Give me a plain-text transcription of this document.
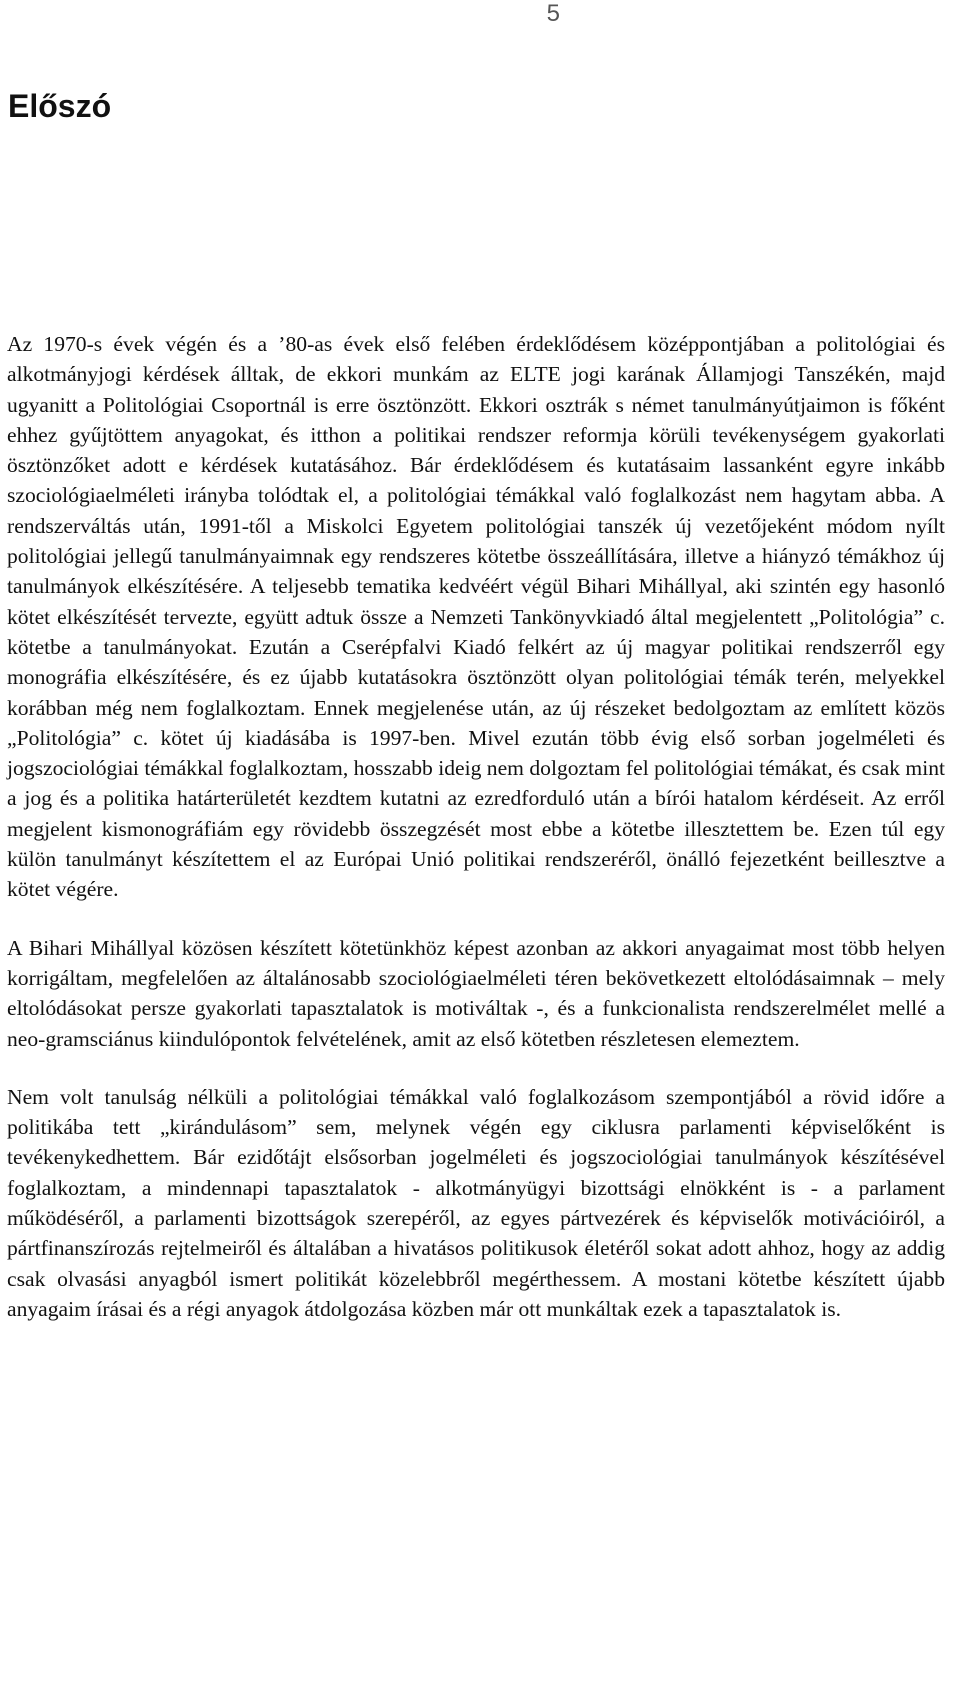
5
Előszó

Az 1970-s évek végén és a ’80-as évek első felében érdeklődésem középpontjában a politológiai és alkotmányjogi kérdések álltak, de ekkori munkám az ELTE jogi karának Államjogi Tanszékén, majd ugyanitt a Politológiai Csoportnál is erre ösztönzött. Ekkori osztrák s német tanulmányútjaimon is főként ehhez gyűjtöttem anyagokat, és itthon a politikai rendszer reformja körüli tevékenységem gyakorlati ösztönzőket adott e kérdések kutatásához. Bár érdeklődésem és kutatásaim lassanként egyre inkább szociológiaelméleti irányba tolódtak el, a politológiai témákkal való foglalkozást nem hagytam abba. A rendszerváltás után, 1991-től a Miskolci Egyetem politológiai tanszék új vezetőjeként módom nyílt politológiai jellegű tanulmányaimnak egy rendszeres kötetbe összeállítására, illetve a hiányzó témákhoz új tanulmányok elkészítésére. A teljesebb tematika kedvéért végül Bihari Mihállyal, aki szintén egy hasonló kötet elkészítését tervezte, együtt adtuk össze a Nemzeti Tankönyvkiadó által megjelentett „Politológia” c. kötetbe a tanulmányokat. Ezután a Cserépfalvi Kiadó felkért az új magyar politikai rendszerről egy monográfia elkészítésére, és ez újabb kutatásokra ösztönzött olyan politológiai témák terén, melyekkel korábban még nem foglalkoztam. Ennek megjelenése után, az új részeket bedolgoztam az említett közös „Politológia” c. kötet új kiadásába is 1997-ben. Mivel ezután több évig első sorban jogelméleti és jogszociológiai témákkal foglalkoztam, hosszabb ideig nem dolgoztam fel politológiai témákat, és csak mint a jog és a politika határterületét kezdtem kutatni az ezredforduló után a bírói hatalom kérdéseit. Az erről megjelent kismonográfiám egy rövidebb összegzését most ebbe a kötetbe illesztettem be. Ezen túl egy külön tanulmányt készítettem el az Európai Unió politikai rendszeréről, önálló fejezetként beillesztve a kötet végére.

A Bihari Mihállyal közösen készített kötetünkhöz képest azonban az akkori anyagaimat most több helyen korrigáltam, megfelelően az általánosabb szociológiaelméleti téren bekövetkezett eltolódásaimnak – mely eltolódásokat persze gyakorlati tapasztalatok is motiváltak -, és a funkcionalista rendszerelmélet mellé a neo-gramsciánus kiindulópontok felvételének, amit az első kötetben részletesen elemeztem.

Nem volt tanulság nélküli a politológiai témákkal való foglalkozásom szempontjából a rövid időre a politikába tett „kirándulásom” sem, melynek végén egy ciklusra parlamenti képviselőként is tevékenykedhettem. Bár ezidőtájt elsősorban jogelméleti és jogszociológiai tanulmányok készítésével foglalkoztam, a mindennapi tapasztalatok - alkotmányügyi bizottsági elnökként is - a parlament működéséről, a parlamenti bizottságok szerepéről, az egyes pártvezérek és képviselők motivációiról, a pártfinanszírozás rejtelmeiről és általában a hivatásos politikusok életéről sokat adott ahhoz, hogy az addig csak olvasási anyagból ismert politikát közelebbről megérthessem. A mostani kötetbe készített újabb anyagaim írásai és a régi anyagok átdolgozása közben már ott munkáltak ezek a tapasztalatok is.
